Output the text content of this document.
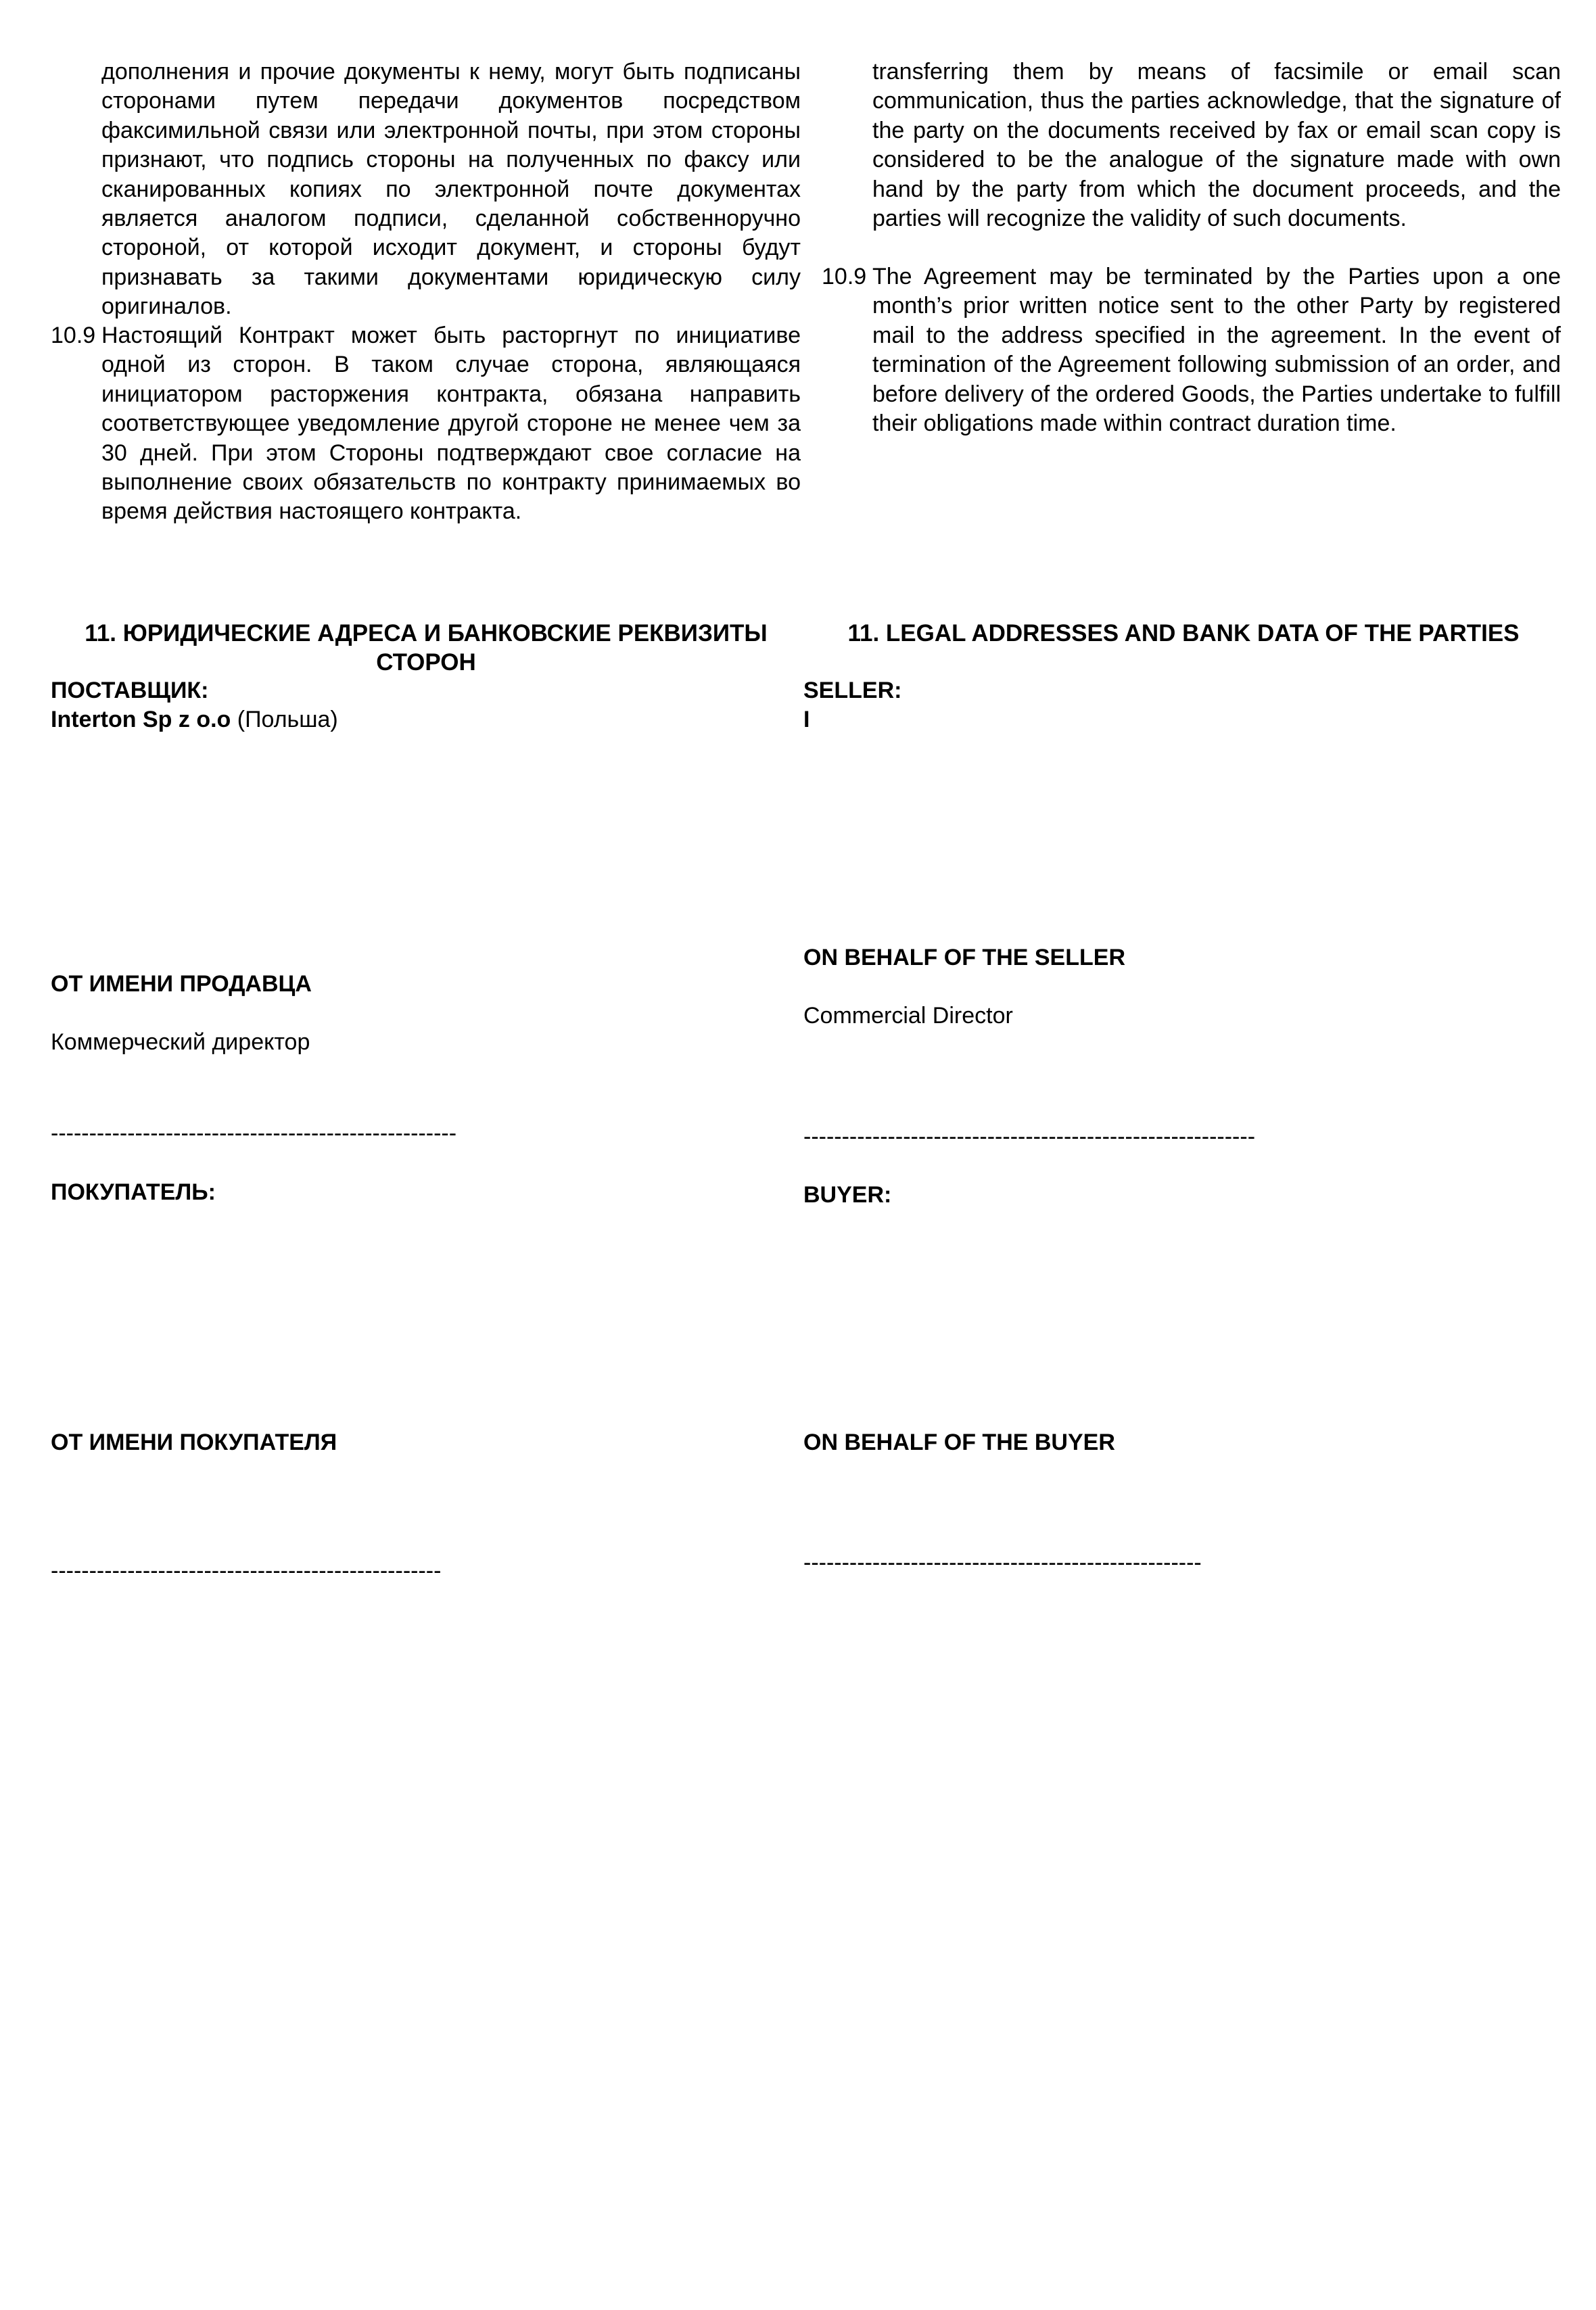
дополнения и прочие документы к нему, могут быть подписаны сторонами путем передачи документов посредством факсимильной связи или электронной почты, при этом стороны признают, что подпись стороны на полученных по факсу или сканированных копиях по электронной почте документах является аналогом подписи, сделанной собственноручно стороной, от которой исходит документ, и стороны будут признавать за такими документами юридическую силу оригиналов.

10.9 Настоящий Контракт может быть расторгнут по инициативе одной из сторон. В таком случае сторона, являющаяся инициатором расторжения контракта, обязана направить соответствующее уведомление другой стороне не менее чем за 30 дней. При этом Стороны подтверждают свое согласие на выполнение своих обязательств по контракту принимаемых во время действия настоящего контракта.

11. ЮРИДИЧЕСКИЕ АДРЕСА И БАНКОВСКИЕ РЕКВИЗИТЫ СТОРОН
ПОСТАВЩИК:
Interton Sp z o.o (Польша)
ОТ ИМЕНИ ПРОДАВЦА
Коммерческий директор
-----------------------------------------------------
ПОКУПАТЕЛЬ:
ОТ ИМЕНИ ПОКУПАТЕЛЯ
---------------------------------------------------

transferring them by means of facsimile or email scan communication, thus the parties acknowledge, that the signature of the party on the documents received by fax or email scan copy is considered to be the analogue of the signature made with own hand by the party from which the document proceeds, and the parties will recognize the validity of such documents.

10.9 The Agreement may be terminated by the Parties upon a one month’s prior written notice sent to the other Party by registered mail to the address specified in the agreement. In the event of termination of the Agreement following submission of an order, and before delivery of the ordered Goods, the Parties undertake to fulfill their obligations made within contract duration time.

11. LEGAL ADDRESSES AND BANK DATA OF THE PARTIES
SELLER:
I
ON BEHALF OF THE SELLER
Commercial Director
-----------------------------------------------------------
BUYER:
ON BEHALF OF THE BUYER
----------------------------------------------------
